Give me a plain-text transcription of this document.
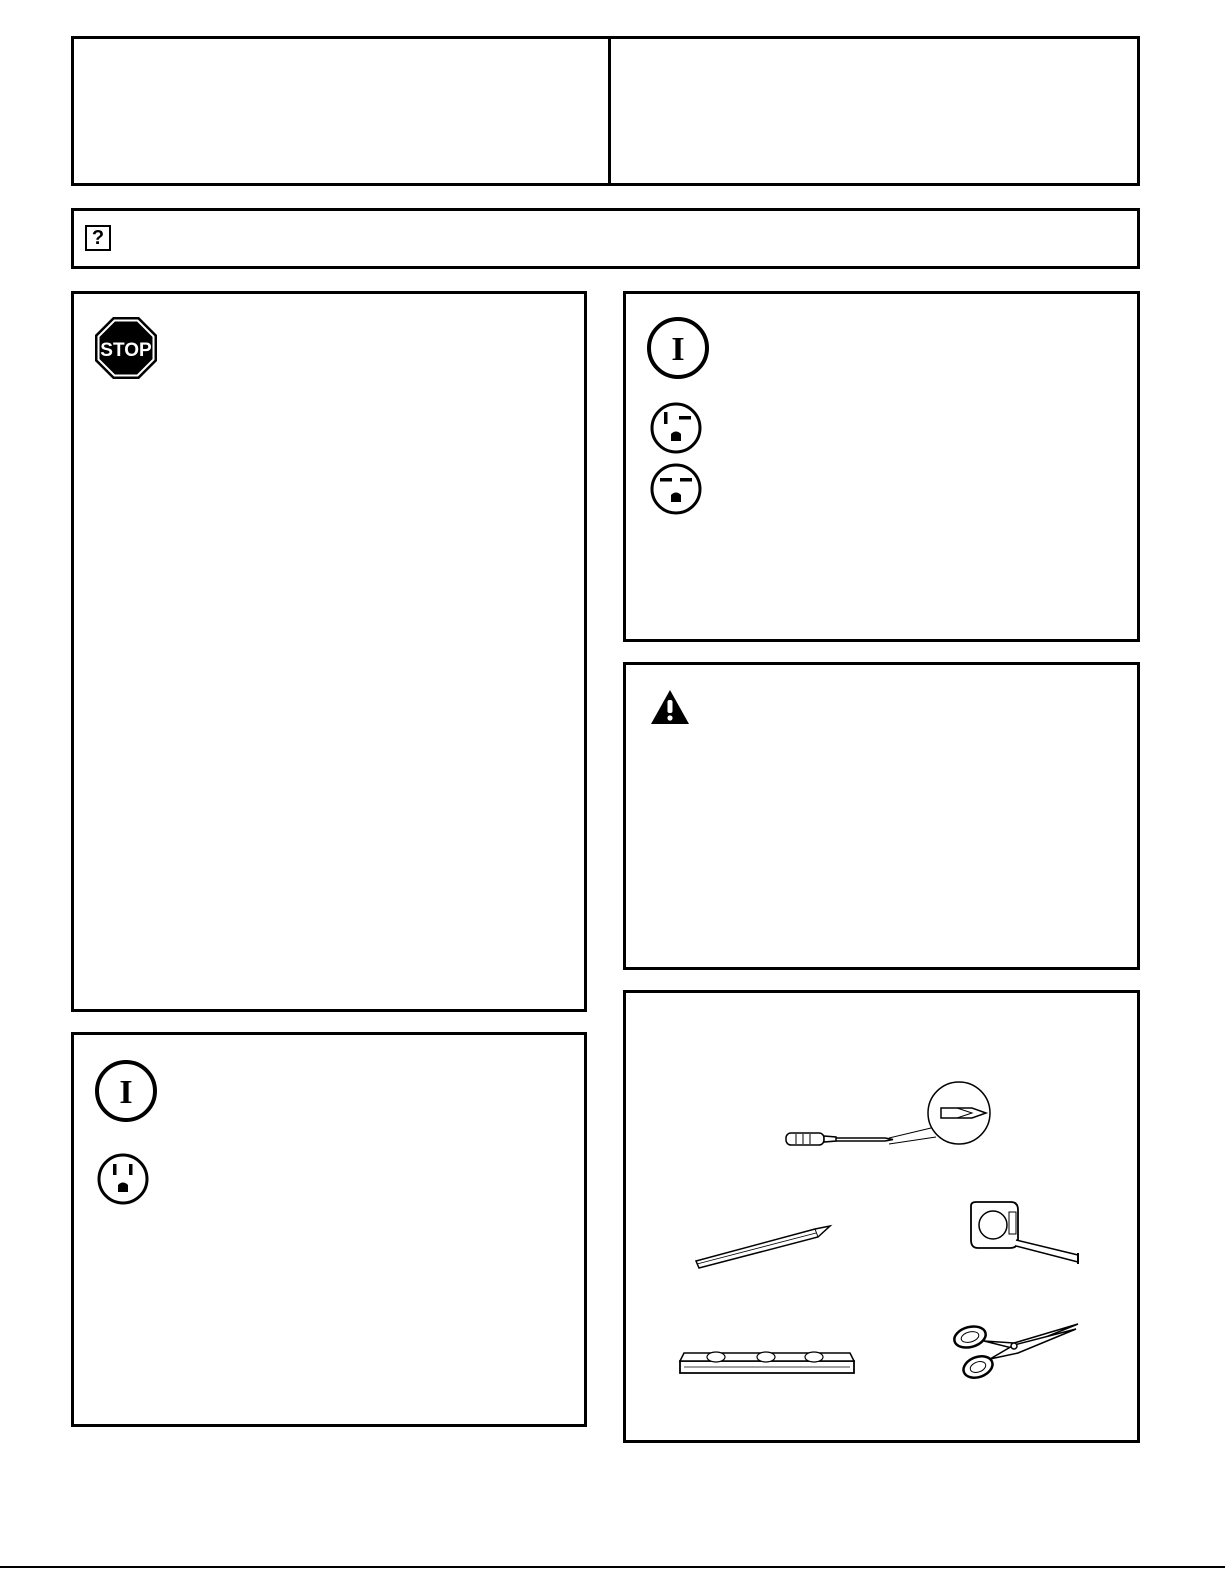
?
STOP
I
I
